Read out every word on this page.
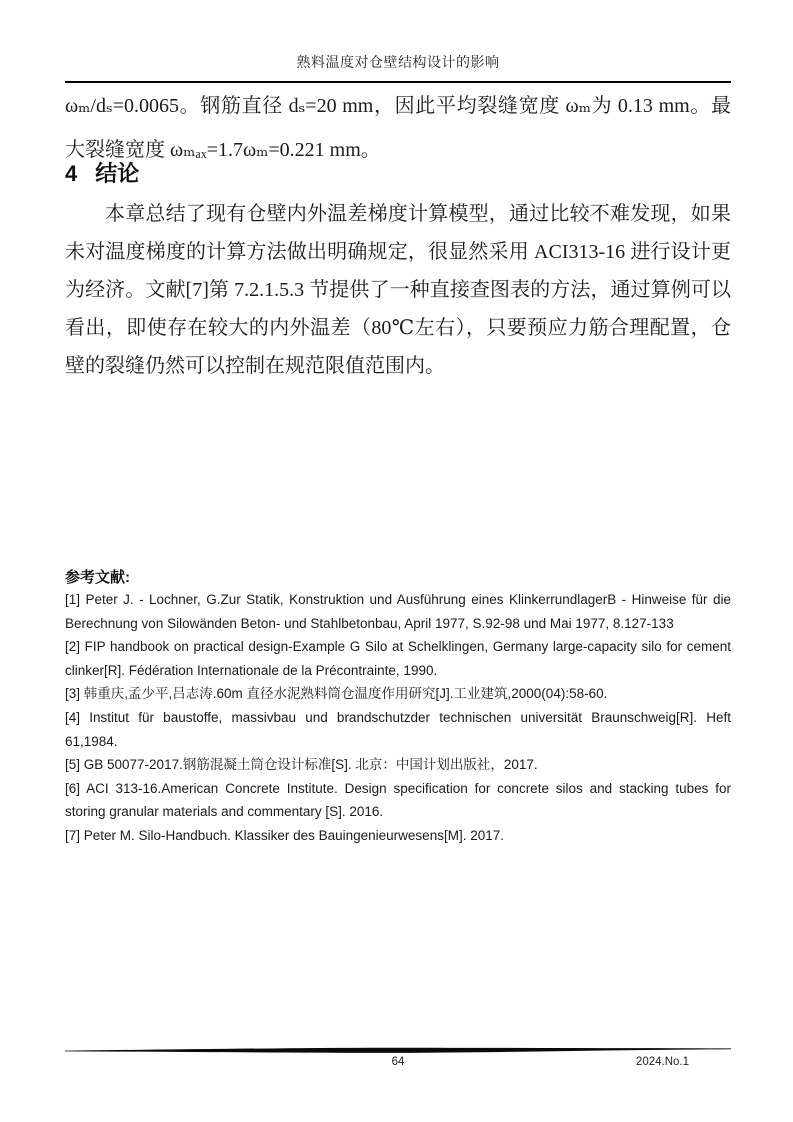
熟料温度对仓壁结构设计的影响
ωₘ/dₛ=0.0065。钢筋直径 dₛ=20 mm，因此平均裂缝宽度 ωₘ为 0.13 mm。最大裂缝宽度 ωₘₐₓ=1.7ωₘ=0.221 mm。
4 结论
本章总结了现有仓壁内外温差梯度计算模型，通过比较不难发现，如果未对温度梯度的计算方法做出明确规定，很显然采用 ACI313-16 进行设计更为经济。文献[7]第 7.2.1.5.3 节提供了一种直接查图表的方法，通过算例可以看出，即使存在较大的内外温差（80℃左右），只要预应力筋合理配置，仓壁的裂缝仍然可以控制在规范限值范围内。
参考文献:

[1] Peter J. - Lochner, G.Zur Statik, Konstruktion und Ausführung eines KlinkerrundlagerB - Hinweise für die Berechnung von Silowänden Beton- und Stahlbetonbau, April 1977, S.92-98 und Mai 1977, 8.127-133

[2] FIP handbook on practical design-Example G Silo at Schelklingen, Germany large-capacity silo for cement clinker[R]. Fédération Internationale de la Précontrainte, 1990.

[3] 韩重庆,孟少平,吕志涛.60m 直径水泥熟料筒仓温度作用研究[J].工业建筑,2000(04):58-60.

[4] Institut für baustoffe, massivbau und brandschutzder technischen universität Braunschweig[R]. Heft 61,1984.

[5] GB 50077-2017.钢筋混凝土筒仓设计标准[S]. 北京：中国计划出版社，2017.

[6] ACI 313-16.American Concrete Institute. Design specification for concrete silos and stacking tubes for storing granular materials and commentary [S]. 2016.

[7] Peter M. Silo-Handbuch. Klassiker des Bauingenieurwesens[M]. 2017.

64	2024.No.1
